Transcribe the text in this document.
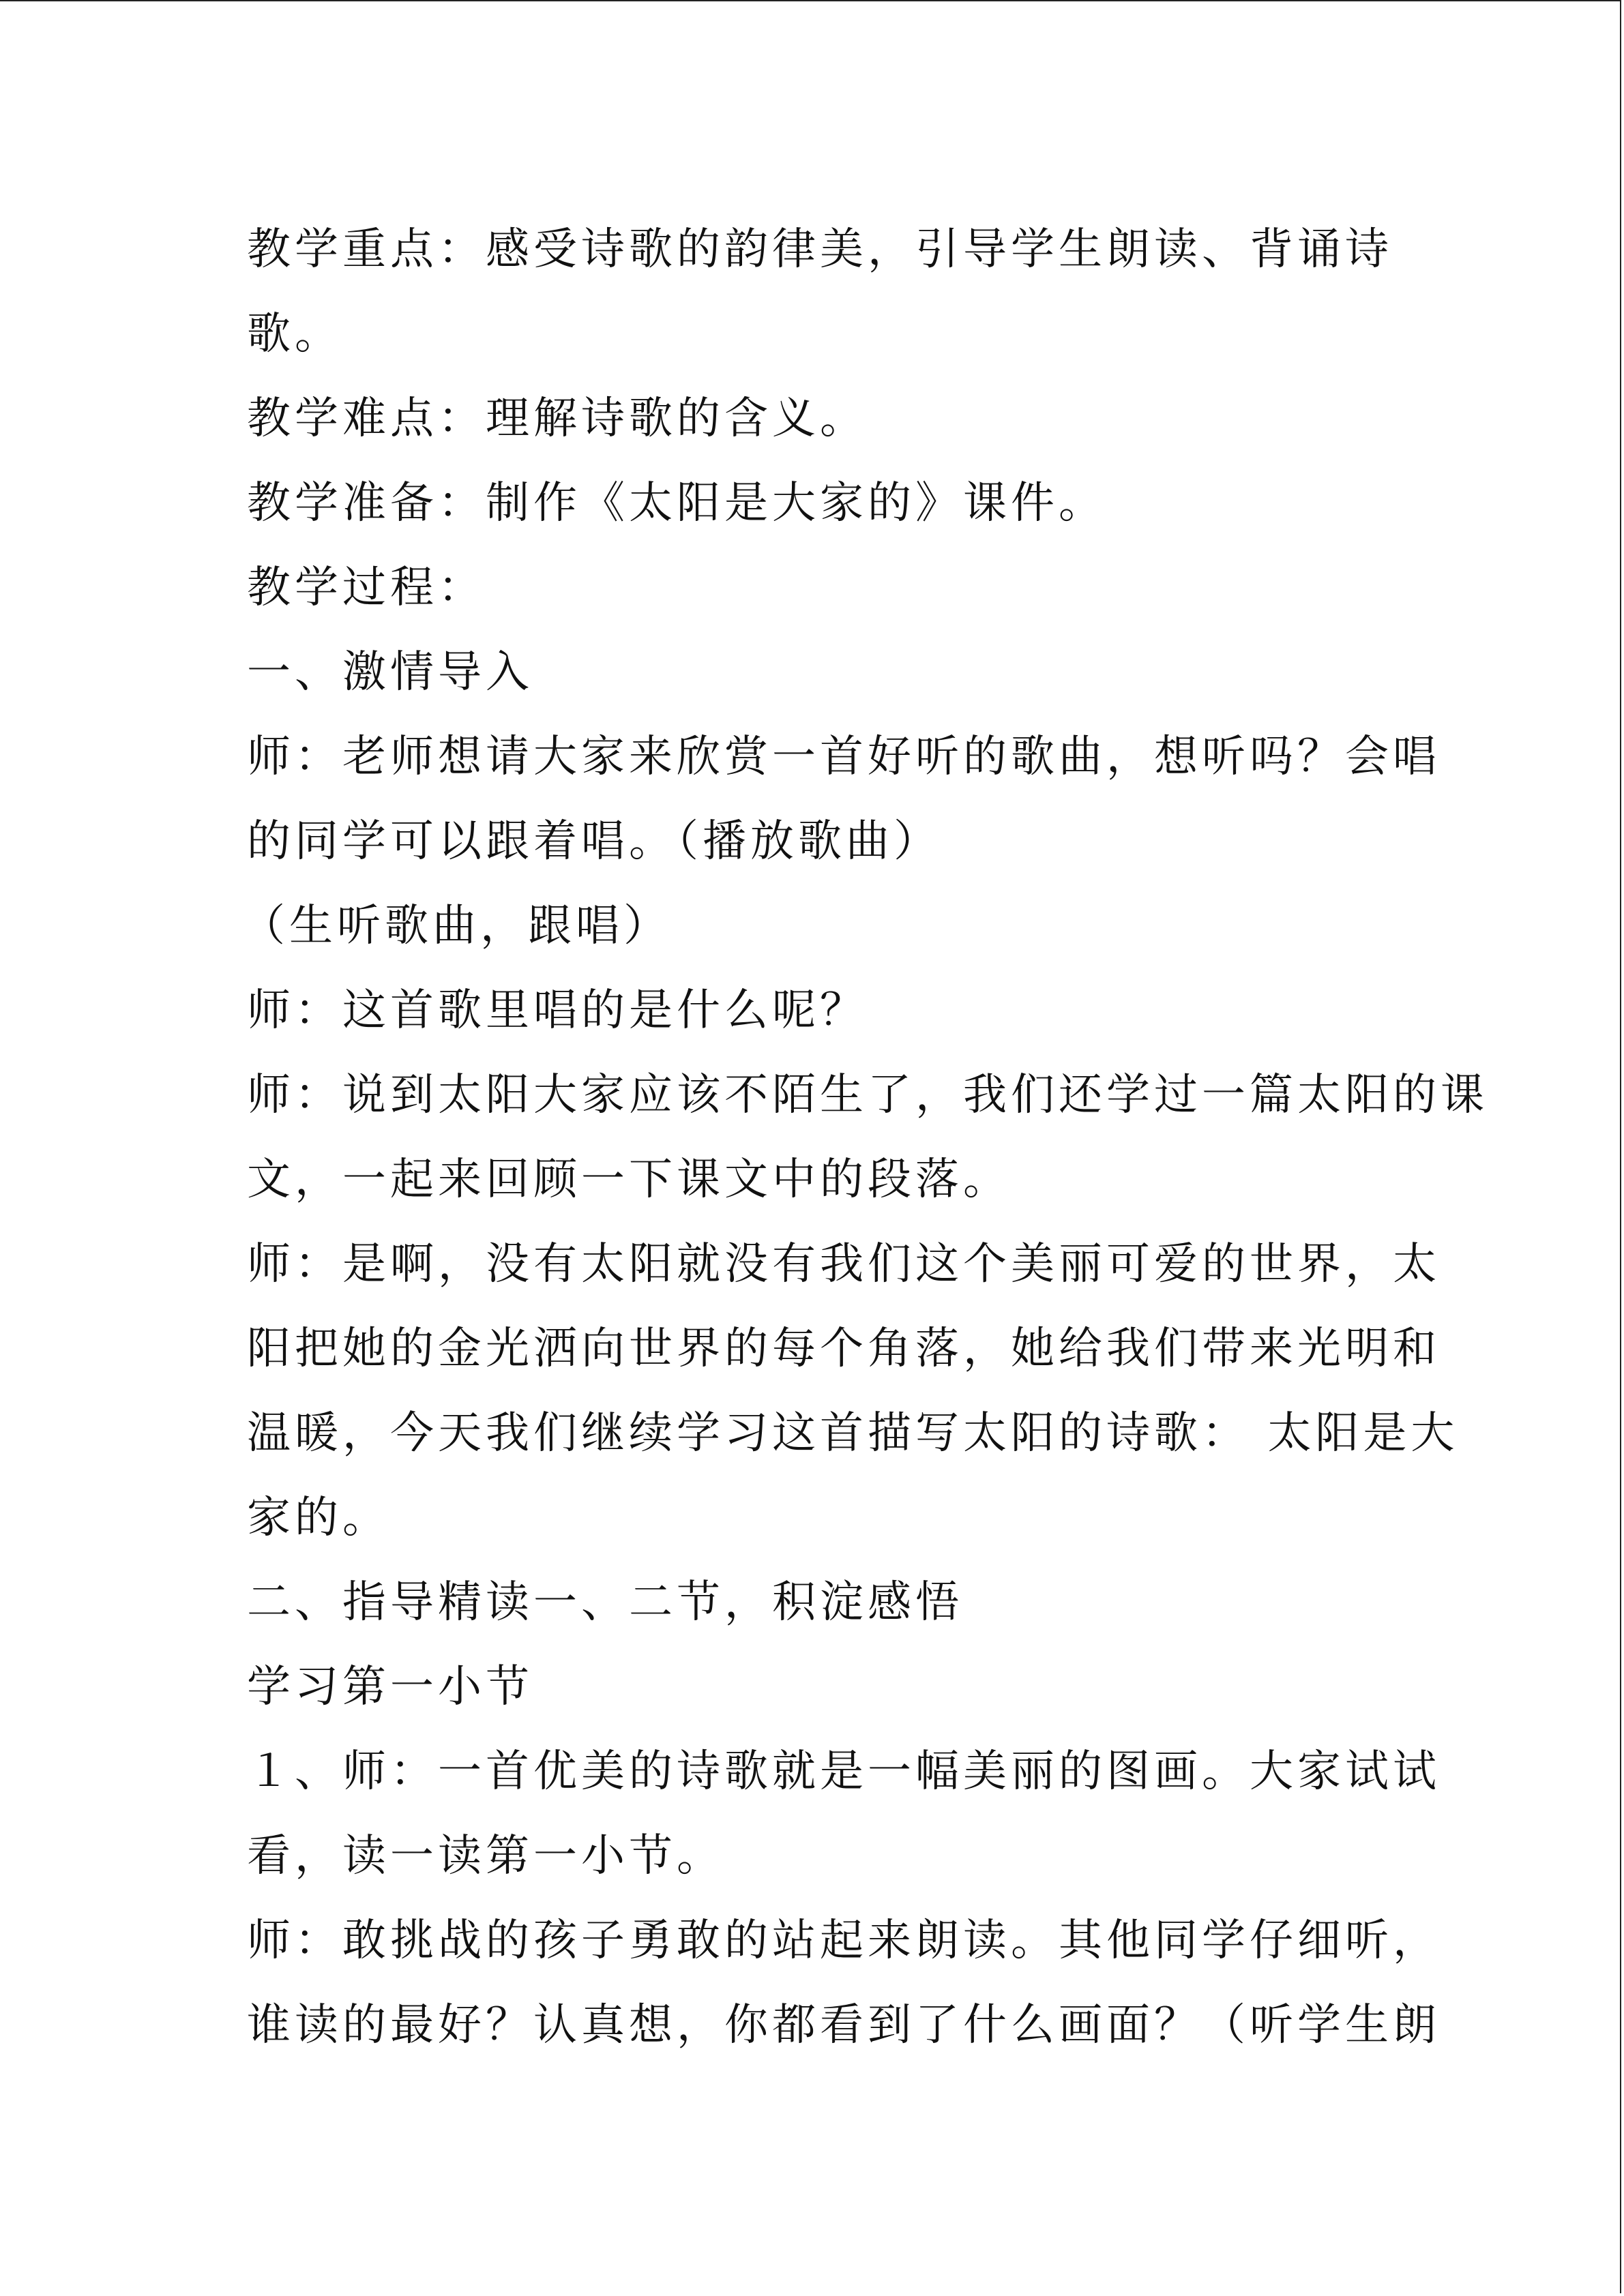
教学重点：感受诗歌的韵律美，引导学生朗读、背诵诗
歌。
教学难点：理解诗歌的含义。
教学准备：制作《太阳是大家的》课件。
教学过程：
一、激情导入
师：老师想请大家来欣赏一首好听的歌曲，想听吗？会唱
的同学可以跟着唱。（播放歌曲）
（生听歌曲，跟唱）
师：这首歌里唱的是什么呢？
师：说到太阳大家应该不陌生了，我们还学过一篇太阳的课
文，一起来回顾一下课文中的段落。
师：是啊，没有太阳就没有我们这个美丽可爱的世界，太
阳把她的金光洒向世界的每个角落，她给我们带来光明和
温暖，今天我们继续学习这首描写太阳的诗歌： 太阳是大
家的。
二、指导精读一、二节，积淀感悟
学习第一小节
１、师：一首优美的诗歌就是一幅美丽的图画。大家试试
看，读一读第一小节。
师：敢挑战的孩子勇敢的站起来朗读。其他同学仔细听，
谁读的最好？认真想，你都看到了什么画面？（听学生朗
